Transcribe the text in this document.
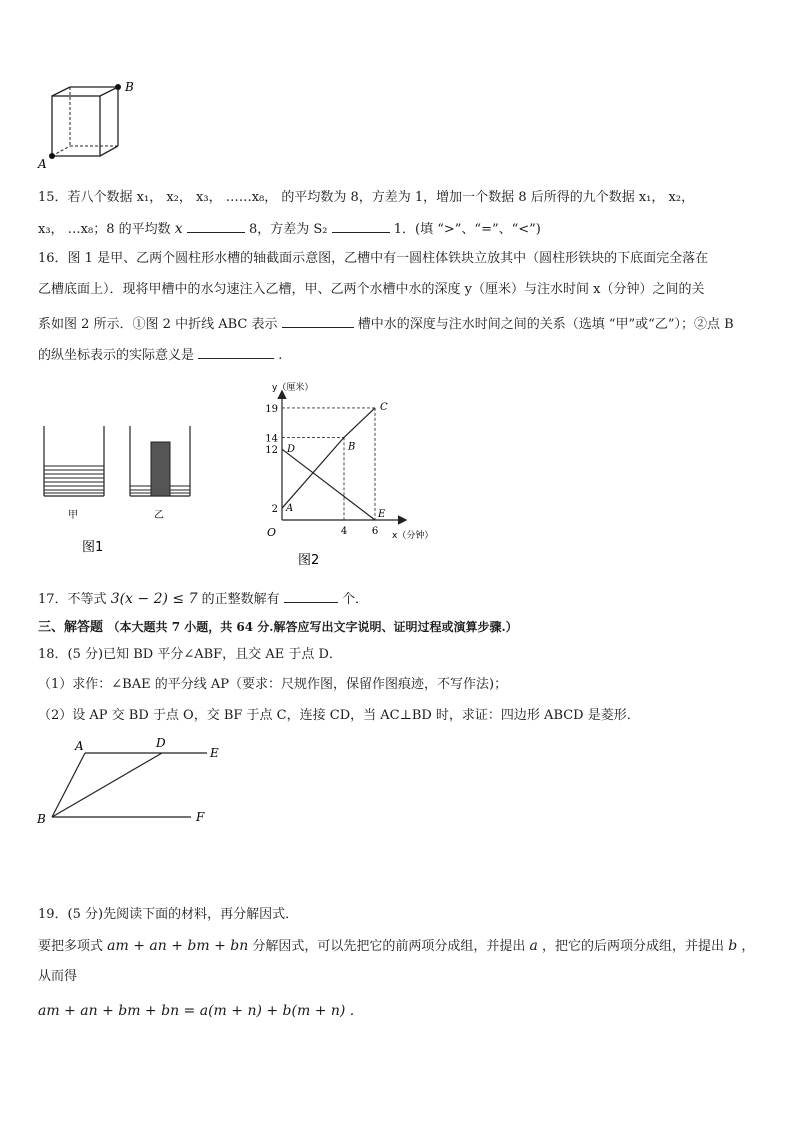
B
A
15．若八个数据 x₁， x₂， x₃， ……x₈， 的平均数为 8，方差为 1，增加一个数据 8 后所得的九个数据 x₁， x₂，
x₃， …x₈；8 的平均数 x	8，方差为 S₂	1．(填 “>”、“=”、“<”)
16．图 1 是甲、乙两个圆柱形水槽的轴截面示意图，乙槽中有一圆柱体铁块立放其中（圆柱形铁块的下底面完全落在
乙槽底面上）．现将甲槽中的水匀速注入乙槽，甲、乙两个水槽中水的深度 y（厘米）与注水时间 x（分钟）之间的关
系如图 2 所示．①图 2 中折线 ABC 表示	槽中水的深度与注水时间之间的关系（选填 “甲”或“乙”）；②点 B
的纵坐标表示的实际意义是	.
甲	乙
图1
y（厘米）
x（分钟）
O
19
14
12
2
4 6
A
B
C
D
E
图2
17．不等式 3(x − 2) ≤ 7 的正整数解有	个．
三、解答题 （本大题共 7 小题，共 64 分.解答应写出文字说明、证明过程或演算步骤.）
18．(5 分)已知 BD 平分∠ABF，且交 AE 于点 D．
（1）求作：∠BAE 的平分线 AP（要求：尺规作图，保留作图痕迹，不写作法)；
（2）设 AP 交 BD 于点 O，交 BF 于点 C，连接 CD，当 AC⊥BD 时，求证：四边形 ABCD 是菱形．
A	D
E
B	F
19．(5 分)先阅读下面的材料，再分解因式．
要把多项式 am + an + bm + bn 分解因式，可以先把它的前两项分成组，并提出 a ，把它的后两项分成组，并提出 b ，
从而得
am + an + bm + bn = a(m + n) + b(m + n) .
